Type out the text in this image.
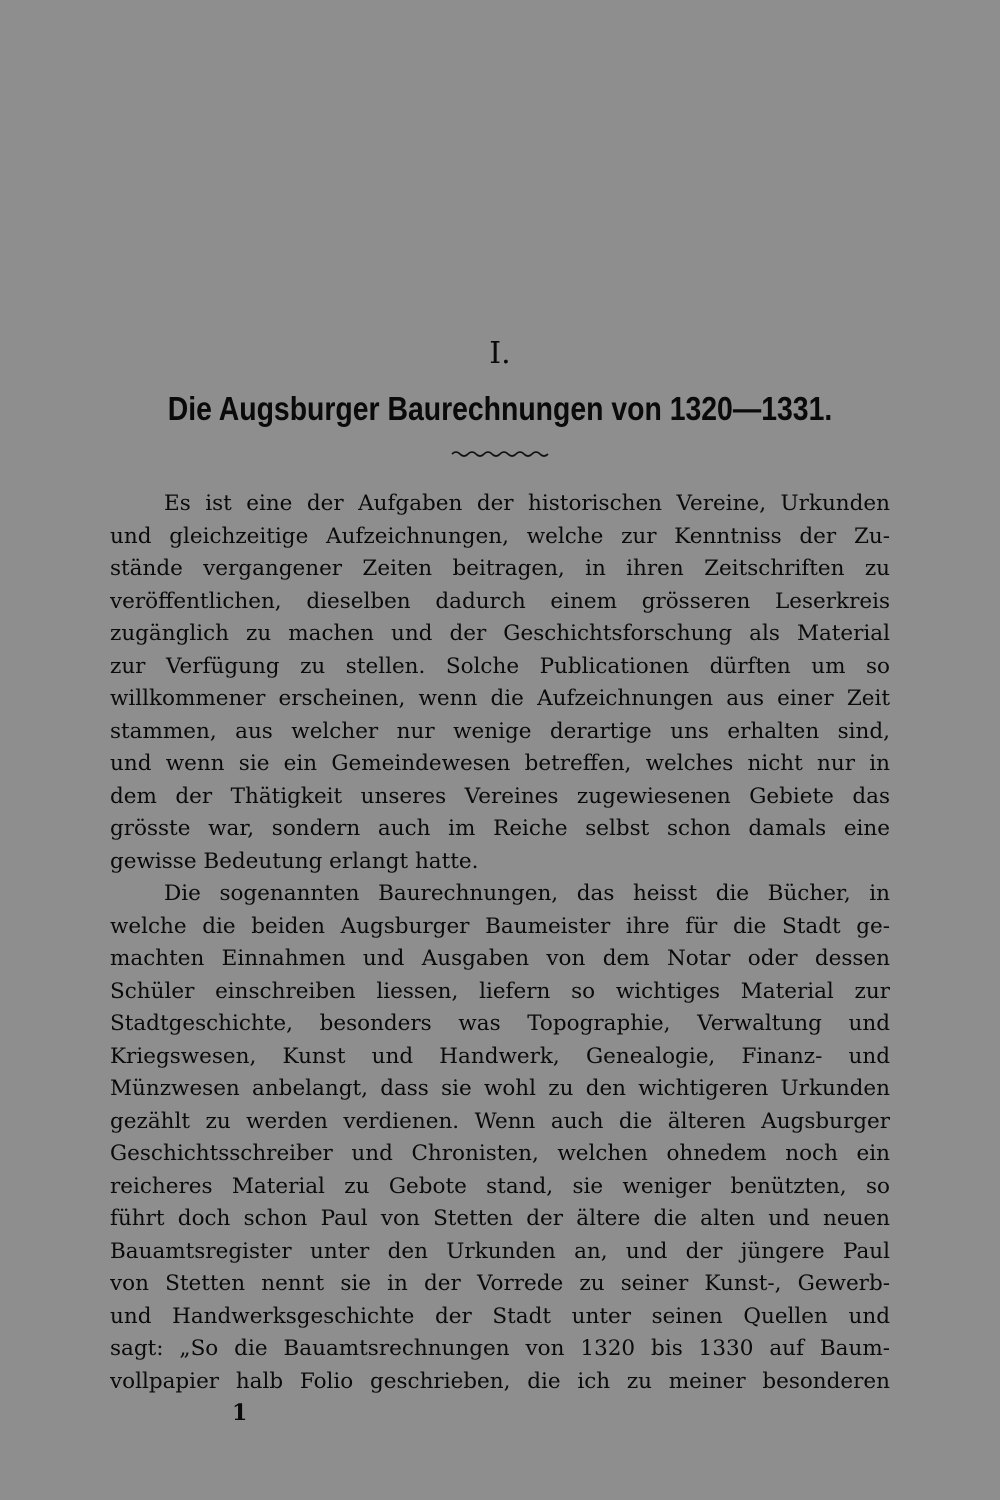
I.
Die Augsburger Baurechnungen von 1320—1331.
Es ist eine der Aufgaben der historischen Vereine, Urkunden
und gleichzeitige Aufzeichnungen, welche zur Kenntniss der Zu-
stände vergangener Zeiten beitragen, in ihren Zeitschriften zu
veröffentlichen, dieselben dadurch einem grösseren Leserkreis
zugänglich zu machen und der Geschichtsforschung als Material
zur Verfügung zu stellen. Solche Publicationen dürften um so
willkommener erscheinen, wenn die Aufzeichnungen aus einer Zeit
stammen, aus welcher nur wenige derartige uns erhalten sind,
und wenn sie ein Gemeindewesen betreffen, welches nicht nur in
dem der Thätigkeit unseres Vereines zugewiesenen Gebiete das
grösste war, sondern auch im Reiche selbst schon damals eine
gewisse Bedeutung erlangt hatte.
Die sogenannten Baurechnungen, das heisst die Bücher, in
welche die beiden Augsburger Baumeister ihre für die Stadt ge-
machten Einnahmen und Ausgaben von dem Notar oder dessen
Schüler einschreiben liessen, liefern so wichtiges Material zur
Stadtgeschichte, besonders was Topographie, Verwaltung und
Kriegswesen, Kunst und Handwerk, Genealogie, Finanz- und
Münzwesen anbelangt, dass sie wohl zu den wichtigeren Urkunden
gezählt zu werden verdienen. Wenn auch die älteren Augsburger
Geschichtsschreiber und Chronisten, welchen ohnedem noch ein
reicheres Material zu Gebote stand, sie weniger benützten, so
führt doch schon Paul von Stetten der ältere die alten und neuen
Bauamtsregister unter den Urkunden an, und der jüngere Paul
von Stetten nennt sie in der Vorrede zu seiner Kunst-, Gewerb-
und Handwerksgeschichte der Stadt unter seinen Quellen und
sagt: „So die Bauamtsrechnungen von 1320 bis 1330 auf Baum-
vollpapier halb Folio geschrieben, die ich zu meiner besonderen
1
